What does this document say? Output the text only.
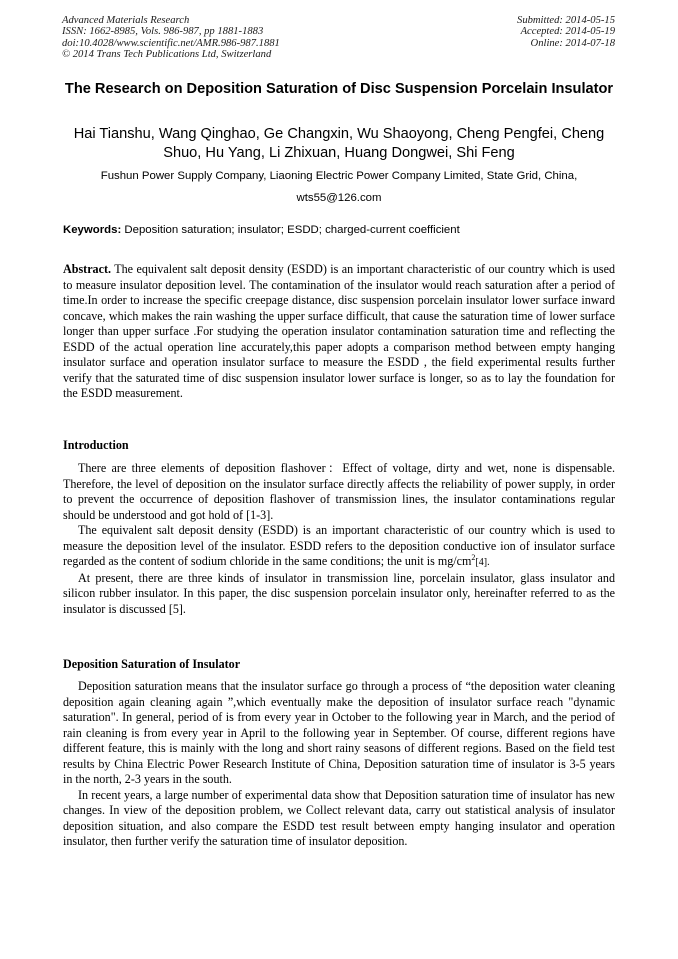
Advanced Materials Research
ISSN: 1662-8985, Vols. 986-987, pp 1881-1883
doi:10.4028/www.scientific.net/AMR.986-987.1881
© 2014 Trans Tech Publications Ltd, Switzerland
Submitted: 2014-05-15
Accepted: 2014-05-19
Online: 2014-07-18
The Research on Deposition Saturation of Disc Suspension Porcelain Insulator
Hai Tianshu, Wang Qinghao, Ge Changxin, Wu Shaoyong, Cheng Pengfei, Cheng Shuo, Hu Yang, Li Zhixuan, Huang Dongwei, Shi Feng
Fushun Power Supply Company, Liaoning Electric Power Company Limited, State Grid, China,
wts55@126.com
Keywords: Deposition saturation; insulator; ESDD; charged-current coefficient

Abstract. The equivalent salt deposit density (ESDD) is an important characteristic of our country which is used to measure insulator deposition level. The contamination of the insulator would reach saturation after a period of time.In order to increase the specific creepage distance, disc suspension porcelain insulator lower surface inward concave, which makes the rain washing the upper surface difficult, that cause the saturation time of lower surface longer than upper surface .For studying the operation insulator contamination saturation time and reflecting the ESDD of the actual operation line accurately,this paper adopts a comparison method between empty hanging insulator surface and operation insulator surface to measure the ESDD , the field experimental results further verify that the saturated time of disc suspension insulator lower surface is longer, so as to lay the foundation for the ESDD measurement.

Introduction

There are three elements of deposition flashover：Effect of voltage, dirty and wet, none is dispensable. Therefore, the level of deposition on the insulator surface directly affects the reliability of power supply, in order to prevent the occurrence of deposition flashover of transmission lines, the insulator contaminations regular should be understood and got hold of [1-3].

The equivalent salt deposit density (ESDD) is an important characteristic of our country which is used to measure the deposition level of the insulator. ESDD refers to the deposition conductive ion of insulator surface regarded as the content of sodium chloride in the same conditions; the unit is $mg/cm^2[4]$.

At present, there are three kinds of insulator in transmission line, porcelain insulator, glass insulator and silicon rubber insulator. In this paper, the disc suspension porcelain insulator only, hereinafter referred to as the insulator is discussed [5].

Deposition Saturation of Insulator

Deposition saturation means that the insulator surface go through a process of “the deposition water cleaning deposition again cleaning again ”,which eventually make the deposition of insulator surface reach "dynamic saturation". In general, period of is from every year in October to the following year in March, and the period of rain cleaning is from every year in April to the following year in September. Of course, different regions have different feature, this is mainly with the long and short rainy seasons of different regions. Based on the field test results by China Electric Power Research Institute of China, Deposition saturation time of insulator is 3-5 years in the north, 2-3 years in the south.

In recent years, a large number of experimental data show that Deposition saturation time of insulator has new changes. In view of the deposition problem, we Collect relevant data, carry out statistical analysis of insulator deposition situation, and also compare the ESDD test result between empty hanging insulator and operation insulator, then further verify the saturation time of insulator deposition.
